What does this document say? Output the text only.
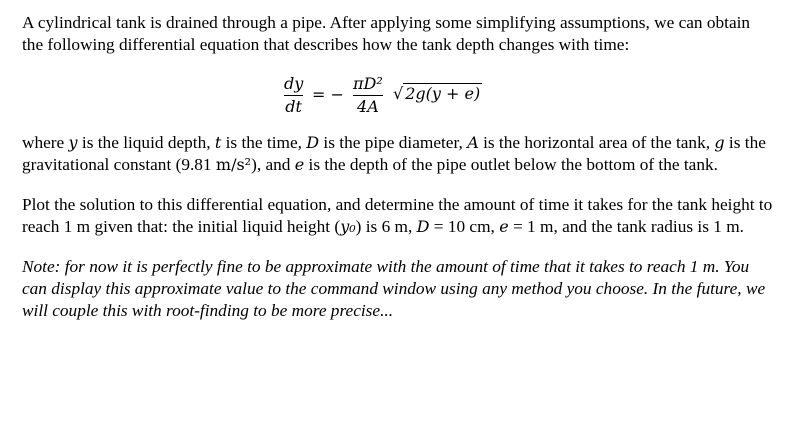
A cylindrical tank is drained through a pipe. After applying some simplifying assumptions, we can obtain the following differential equation that describes how the tank depth changes with time:

dy
dt
= −
πD²
4A
√ 2g(y + e)

where y is the liquid depth, t is the time, D is the pipe diameter, A is the horizontal area of the tank, g is the gravitational constant (9.81 m/s²), and e is the depth of the pipe outlet below the bottom of the tank.

Plot the solution to this differential equation, and determine the amount of time it takes for the tank height to reach 1 m given that: the initial liquid height (y₀) is 6 m, D = 10 cm, e = 1 m, and the tank radius is 1 m.

Note: for now it is perfectly fine to be approximate with the amount of time that it takes to reach 1 m. You can display this approximate value to the command window using any method you choose. In the future, we will couple this with root-finding to be more precise...
